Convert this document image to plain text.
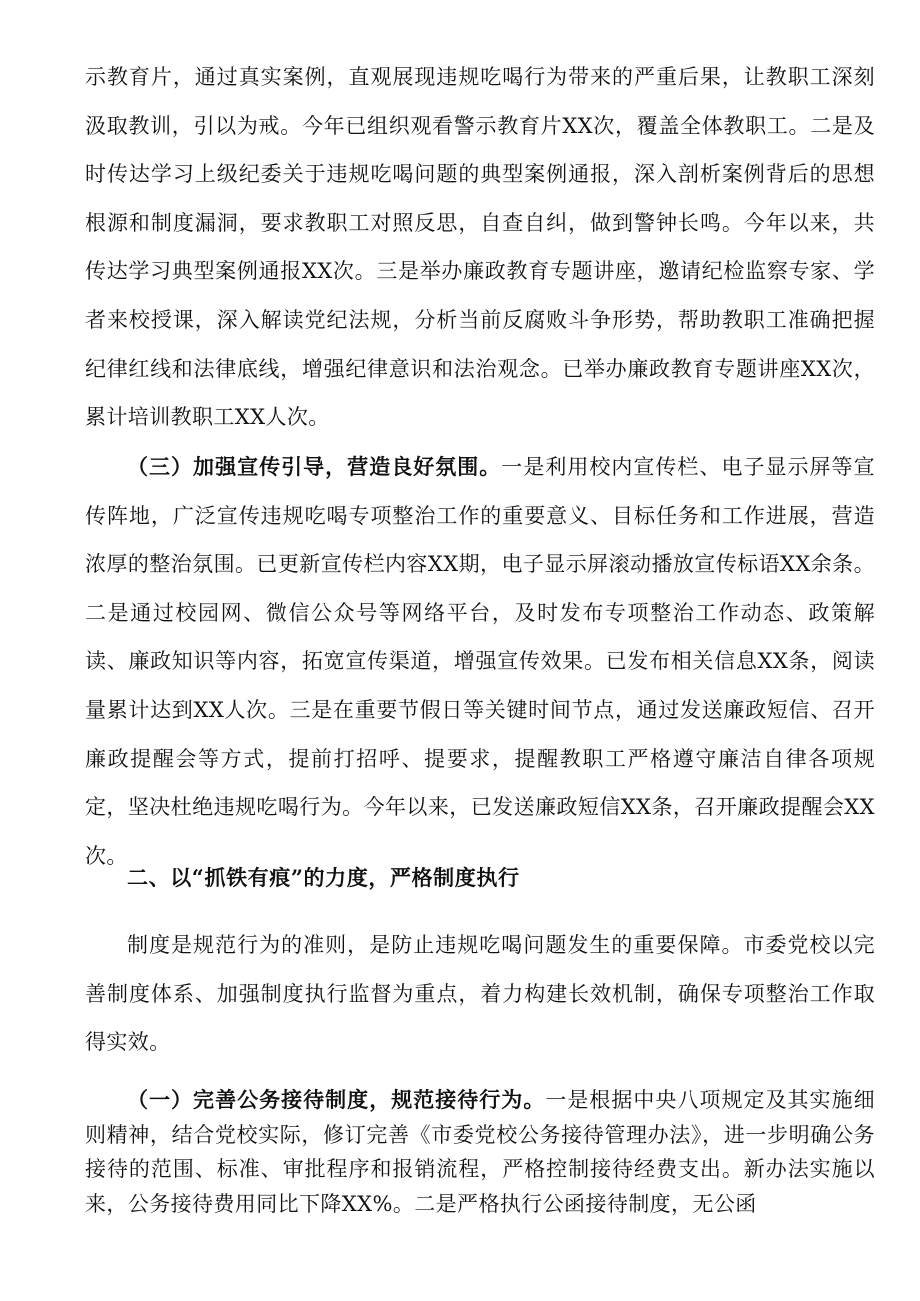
示教育片，通过真实案例，直观展现违规吃喝行为带来的严重后果，让教职工深刻汲取教训，引以为戒。今年已组织观看警示教育片XX次，覆盖全体教职工。二是及时传达学习上级纪委关于违规吃喝问题的典型案例通报，深入剖析案例背后的思想根源和制度漏洞，要求教职工对照反思，自查自纠，做到警钟长鸣。今年以来，共传达学习典型案例通报XX次。三是举办廉政教育专题讲座，邀请纪检监察专家、学者来校授课，深入解读党纪法规，分析当前反腐败斗争形势，帮助教职工准确把握纪律红线和法律底线，增强纪律意识和法治观念。已举办廉政教育专题讲座XX次，累计培训教职工XX人次。

（三）加强宣传引导，营造良好氛围。一是利用校内宣传栏、电子显示屏等宣传阵地，广泛宣传违规吃喝专项整治工作的重要意义、目标任务和工作进展，营造浓厚的整治氛围。已更新宣传栏内容XX期，电子显示屏滚动播放宣传标语XX余条。二是通过校园网、微信公众号等网络平台，及时发布专项整治工作动态、政策解读、廉政知识等内容，拓宽宣传渠道，增强宣传效果。已发布相关信息XX条，阅读量累计达到XX人次。三是在重要节假日等关键时间节点，通过发送廉政短信、召开廉政提醒会等方式，提前打招呼、提要求，提醒教职工严格遵守廉洁自律各项规定，坚决杜绝违规吃喝行为。今年以来，已发送廉政短信XX条，召开廉政提醒会XX次。

二、以“抓铁有痕”的力度，严格制度执行

制度是规范行为的准则，是防止违规吃喝问题发生的重要保障。市委党校以完善制度体系、加强制度执行监督为重点，着力构建长效机制，确保专项整治工作取得实效。

（一）完善公务接待制度，规范接待行为。一是根据中央八项规定及其实施细则精神，结合党校实际，修订完善《市委党校公务接待管理办法》，进一步明确公务接待的范围、标准、审批程序和报销流程，严格控制接待经费支出。新办法实施以来，公务接待费用同比下降XX%。二是严格执行公函接待制度，无公函
